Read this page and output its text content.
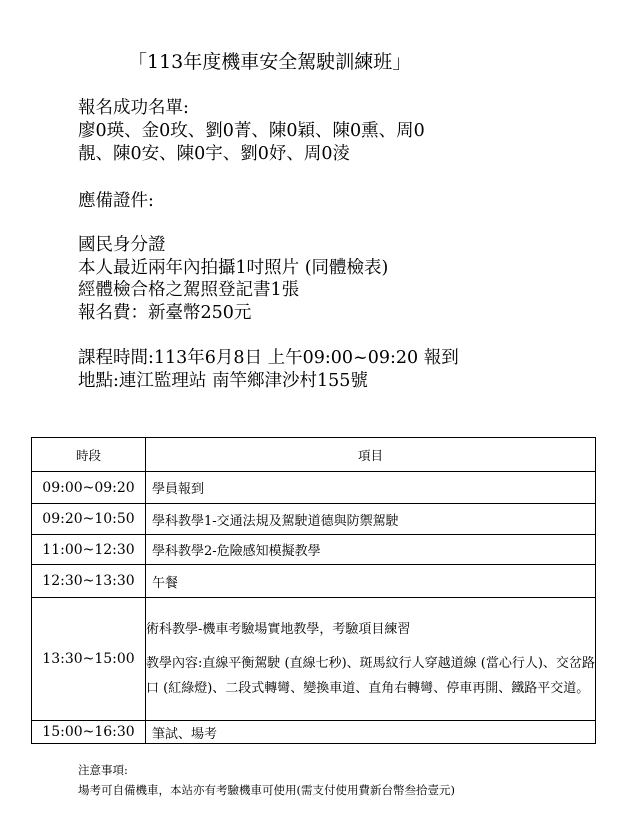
「113年度機車安全駕駛訓練班」
報名成功名單:
廖0瑛、金0玫、劉0菁、陳0穎、陳0熏、周0
靚、陳0安、陳0宇、劉0妤、周0淩
應備證件:
國民身分證
本人最近兩年內拍攝1吋照片 (同體檢表)
經體檢合格之駕照登記書1張
報名費：新臺幣250元
課程時間:113年6月8日 上午09:00~09:20 報到
地點:連江監理站 南竿鄉津沙村155號
時段	項目
09:00~09:20	學員報到
09:20~10:50	學科教學1-交通法規及駕駛道德與防禦駕駛
11:00~12:30	學科教學2-危險感知模擬教學
12:30~13:30	午餐
13:30~15:00	術科教學-機車考驗場實地教學，考驗項目練習
教學內容:直線平衡駕駛 (直線七秒)、斑馬紋行人穿越道線 (當心行人)、交岔路口 (紅綠燈)、二段式轉彎、變換車道、直角右轉彎、停車再開、鐵路平交道。

15:00~16:30	筆試、場考
注意事項:
場考可自備機車，本站亦有考驗機車可使用(需支付使用費新台幣叁拾壹元)
